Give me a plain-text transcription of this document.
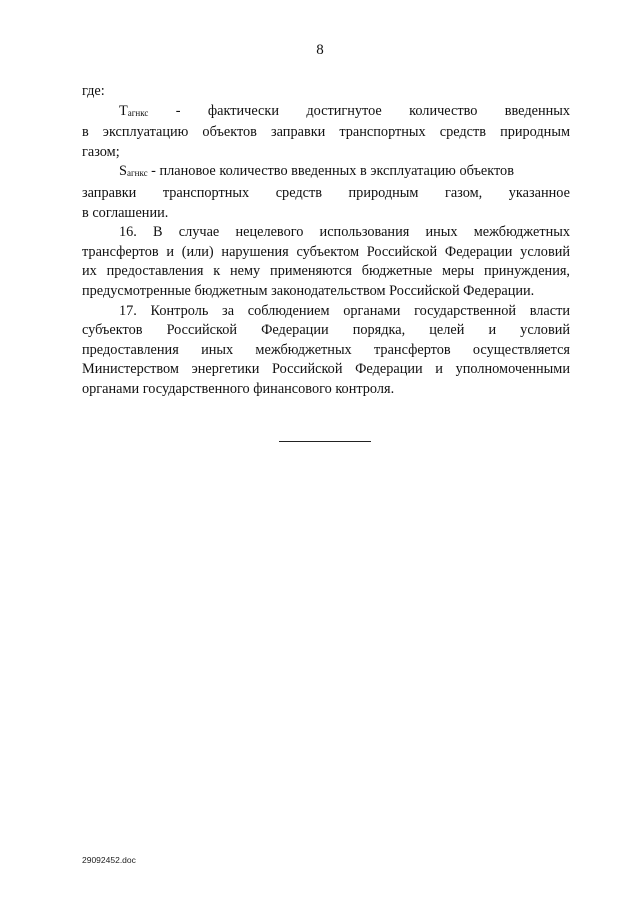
8
где:
Tагнкс - фактически достигнутое количество введенных
в эксплуатацию объектов заправки транспортных средств природным
газом;
Sагнкс - плановое количество введенных в эксплуатацию объектов
заправки транспортных средств природным газом, указанное
в соглашении.
16. В случае нецелевого использования иных межбюджетных
трансфертов и (или) нарушения субъектом Российской Федерации условий
их предоставления к нему применяются бюджетные меры принуждения,
предусмотренные бюджетным законодательством Российской Федерации.
17. Контроль за соблюдением органами государственной власти
субъектов Российской Федерации порядка, целей и условий
предоставления иных межбюджетных трансфертов осуществляется
Министерством энергетики Российской Федерации и уполномоченными
органами государственного финансового контроля.
29092452.doc
